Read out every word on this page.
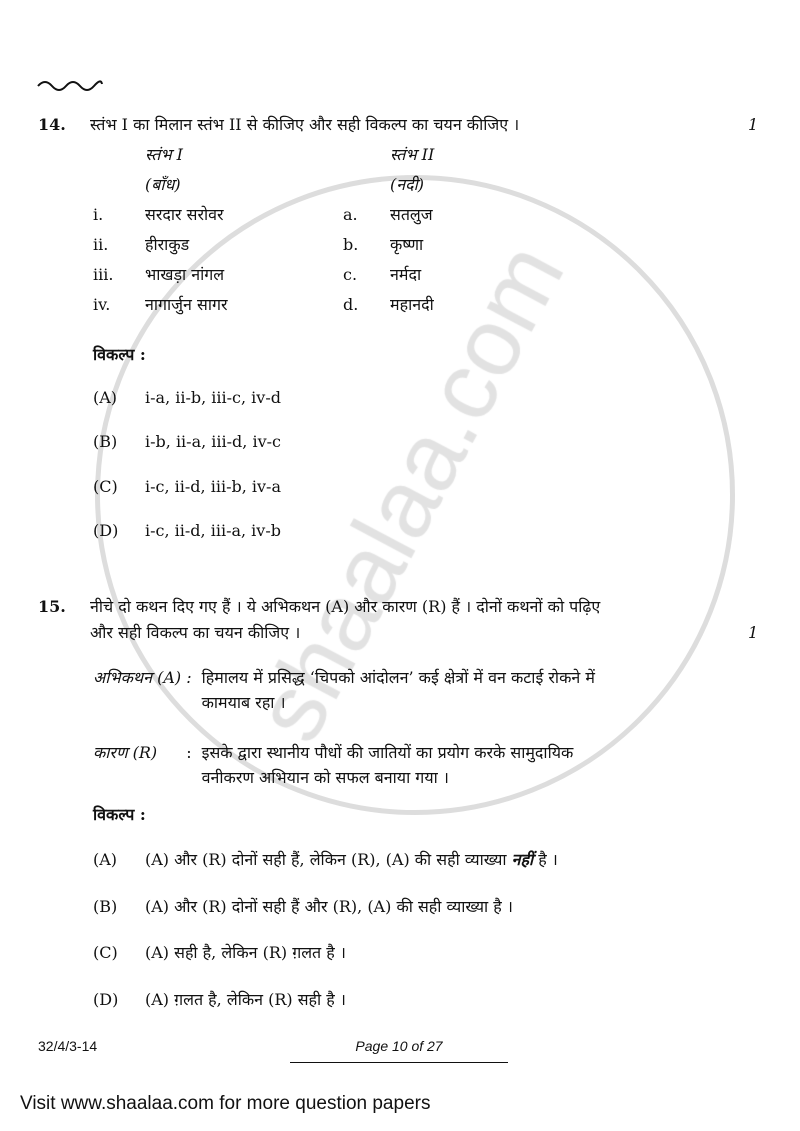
14. स्तंभ I का मिलान स्तंभ II से कीजिए और सही विकल्प का चयन कीजिए ।	1
स्तंभ I
(बाँध)
स्तंभ II
(नदी)
i.	सरदार सरोवर	a. सतलुज
ii. हीराकुड	b. कृष्णा
iii. भाखड़ा नांगल	c. नर्मदा
iv. नागार्जुन सागर	d. महानदी
विकल्प :
(A) i-a, ii-b, iii-c, iv-d
(B) i-b, ii-a, iii-d, iv-c
(C) i-c, ii-d, iii-b, iv-a
(D) i-c, ii-d, iii-a, iv-b
15. नीचे दो कथन दिए गए हैं । ये अभिकथन (A) और कारण (R) हैं । दोनों कथनों को पढ़िए
और सही विकल्प का चयन कीजिए ।	1
अभिकथन (A) : हिमालय में प्रसिद्ध ‘चिपको आंदोलन’ कई क्षेत्रों में वन कटाई रोकने में
कामयाब रहा ।
कारण (R) : इसके द्वारा स्थानीय पौधों की जातियों का प्रयोग करके सामुदायिक
वनीकरण अभियान को सफल बनाया गया ।
विकल्प :
(A) (A) और (R) दोनों सही हैं, लेकिन (R), (A) की सही व्याख्या नहीं है ।
(B) (A) और (R) दोनों सही हैं और (R), (A) की सही व्याख्या है ।
(C) (A) सही है, लेकिन (R) ग़लत है ।
(D) (A) ग़लत है, लेकिन (R) सही है ।
32/4/3-14	Page 10 of 27
Visit www.shaalaa.com for more question papers
